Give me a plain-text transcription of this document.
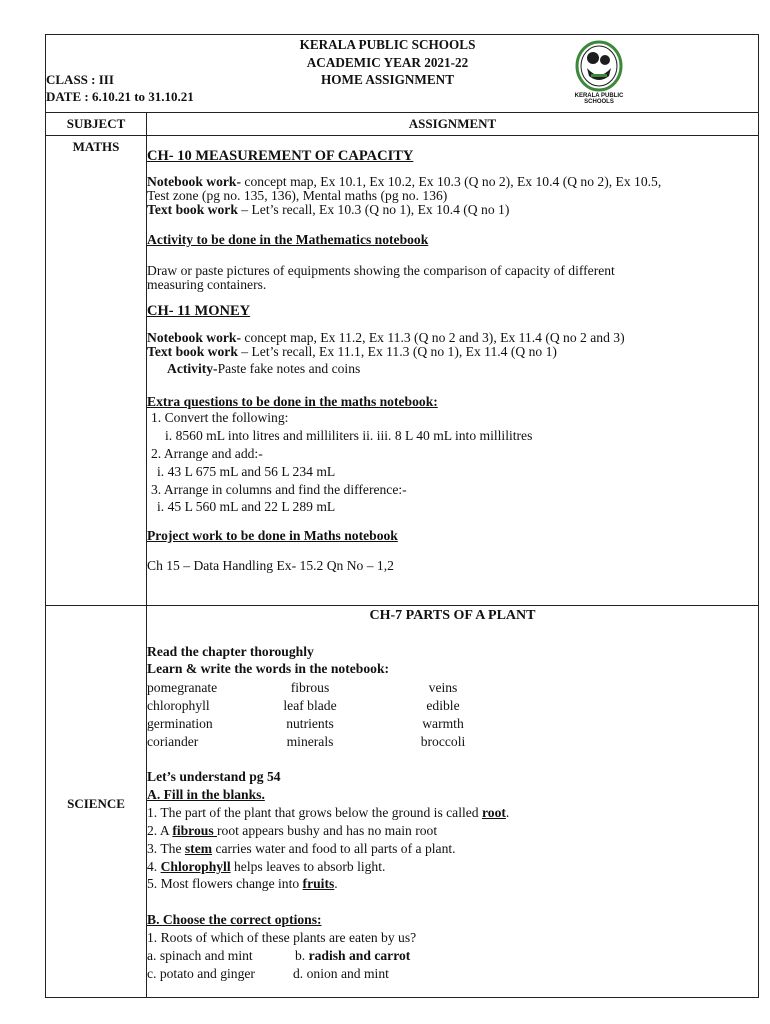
KERALA PUBLIC SCHOOLS
ACADEMIC YEAR 2021-22
HOME ASSIGNMENT
CLASS : III
DATE : 6.10.21 to 31.10.21	KERALA PUBLIC SCHOOLS
SUBJECT	ASSIGNMENT
MATHS
CH- 10 MEASUREMENT OF CAPACITY
Notebook work- concept map, Ex 10.1, Ex 10.2, Ex 10.3 (Q no 2), Ex 10.4 (Q no 2), Ex 10.5,
Test zone (pg no. 135, 136), Mental maths (pg no. 136)
Text book work – Let’s recall, Ex 10.3 (Q no 1), Ex 10.4 (Q no 1)
Activity to be done in the Mathematics notebook
Draw or paste pictures of equipments showing the comparison of capacity of different
measuring containers.
CH- 11 MONEY
Notebook work- concept map, Ex 11.2, Ex 11.3 (Q no 2 and 3), Ex 11.4 (Q no 2 and 3)
Text book work – Let’s recall, Ex 11.1, Ex 11.3 (Q no 1), Ex 11.4 (Q no 1)
Activity-Paste fake notes and coins
Extra questions to be done in the maths notebook:
1. Convert the following:
i. 8560 mL into litres and milliliters ii. iii. 8 L 40 mL into millilitres
2. Arrange and add:-
i. 43 L 675 mL and 56 L 234 mL
3. Arrange in columns and find the difference:-
i. 45 L 560 mL and 22 L 289 mL
Project work to be done in Maths notebook
Ch 15 – Data Handling Ex- 15.2 Qn No – 1,2
SCIENCE
CH-7 PARTS OF A PLANT
Read the chapter thoroughly
Learn & write the words in the notebook:
pomegranate	fibrous	veins
chlorophyll	leaf blade	edible
germination	nutrients	warmth
coriander	minerals	broccoli
Let’s understand pg 54
A. Fill in the blanks.
1. The part of the plant that grows below the ground is called root.
2. A fibrous root appears bushy and has no main root
3. The stem carries water and food to all parts of a plant.
4. Chlorophyll helps leaves to absorb light.
5. Most flowers change into fruits.
B. Choose the correct options:
1. Roots of which of these plants are eaten by us?
a. spinach and mint	b. radish and carrot
c. potato and ginger	d. onion and mint
